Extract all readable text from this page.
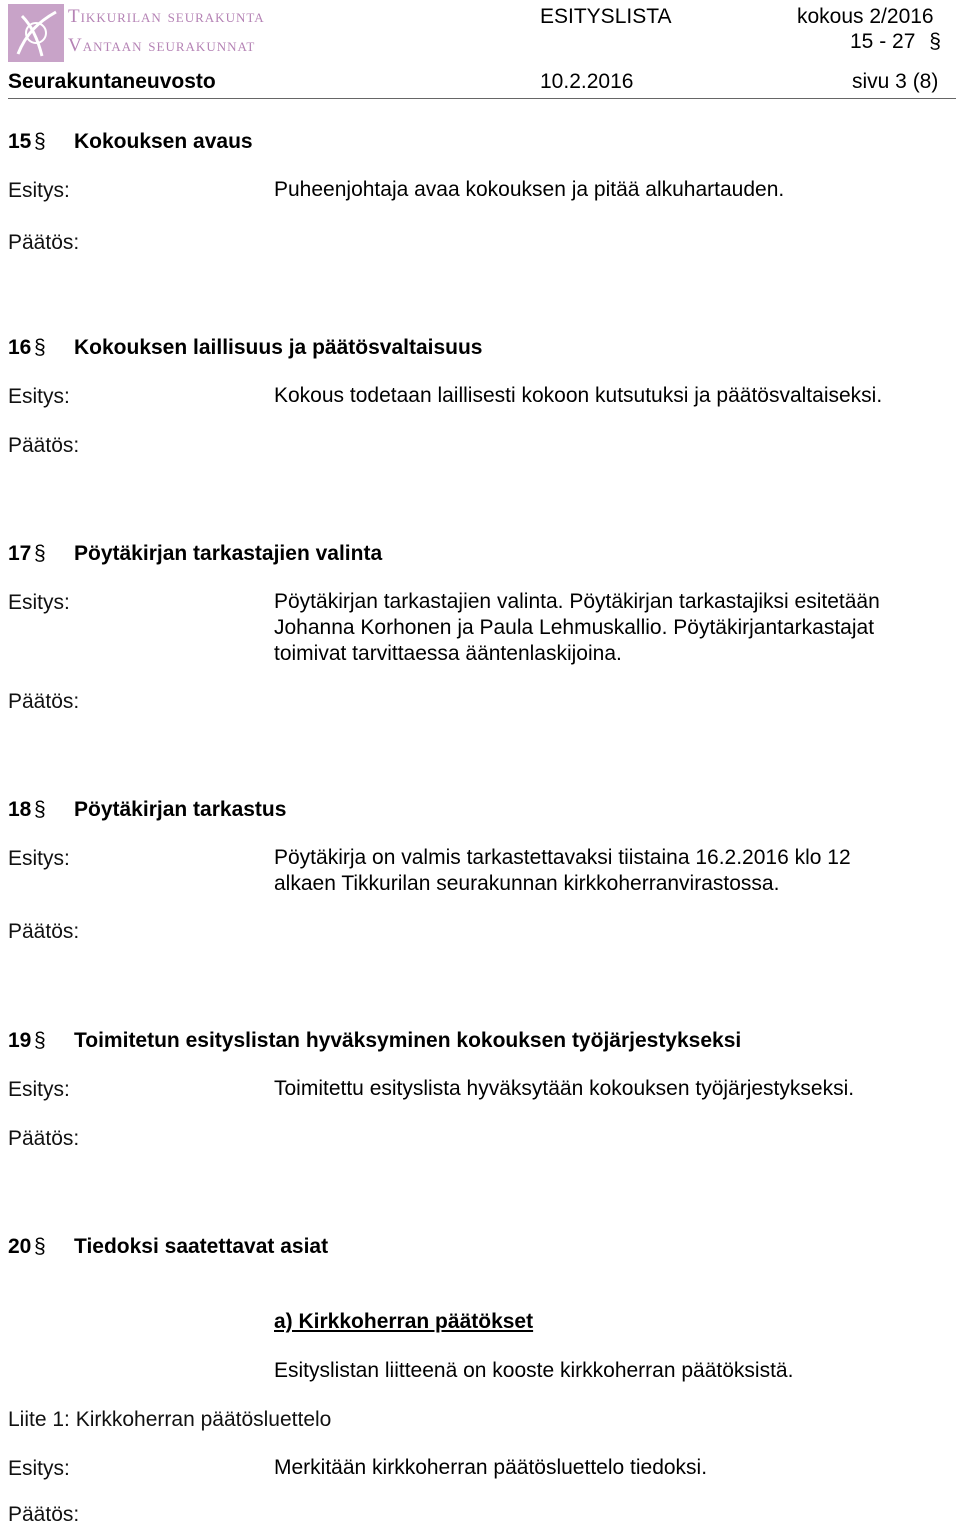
Tikkurilan seurakunta
Vantaan seurakunnat
ESITYSLISTA	kokous 2/2016
15 - 27 §
Seurakuntaneuvosto	10.2.2016	sivu 3 (8)
15 § Kokouksen avaus
Esitys:	Puheenjohtaja avaa kokouksen ja pitää alkuhartauden.
Päätös:
16 § Kokouksen laillisuus ja päätösvaltaisuus
Esitys:	Kokous todetaan laillisesti kokoon kutsutuksi ja päätösvaltaiseksi.
Päätös:
17 § Pöytäkirjan tarkastajien valinta
Esitys:	Pöytäkirjan tarkastajien valinta. Pöytäkirjan tarkastajiksi esitetään
Johanna Korhonen ja Paula Lehmuskallio. Pöytäkirjantarkastajat
toimivat tarvittaessa ääntenlaskijoina.
Päätös:
18 § Pöytäkirjan tarkastus
Esitys:	Pöytäkirja on valmis tarkastettavaksi tiistaina 16.2.2016 klo 12
alkaen Tikkurilan seurakunnan kirkkoherranvirastossa.
Päätös:
19 § Toimitetun esityslistan hyväksyminen kokouksen työjärjestykseksi
Esitys:	Toimitettu esityslista hyväksytään kokouksen työjärjestykseksi.
Päätös:
20 § Tiedoksi saatettavat asiat
a) Kirkkoherran päätökset
Esityslistan liitteenä on kooste kirkkoherran päätöksistä.
Liite 1: Kirkkoherran päätösluettelo
Esitys:	Merkitään kirkkoherran päätösluettelo tiedoksi.
Päätös:
